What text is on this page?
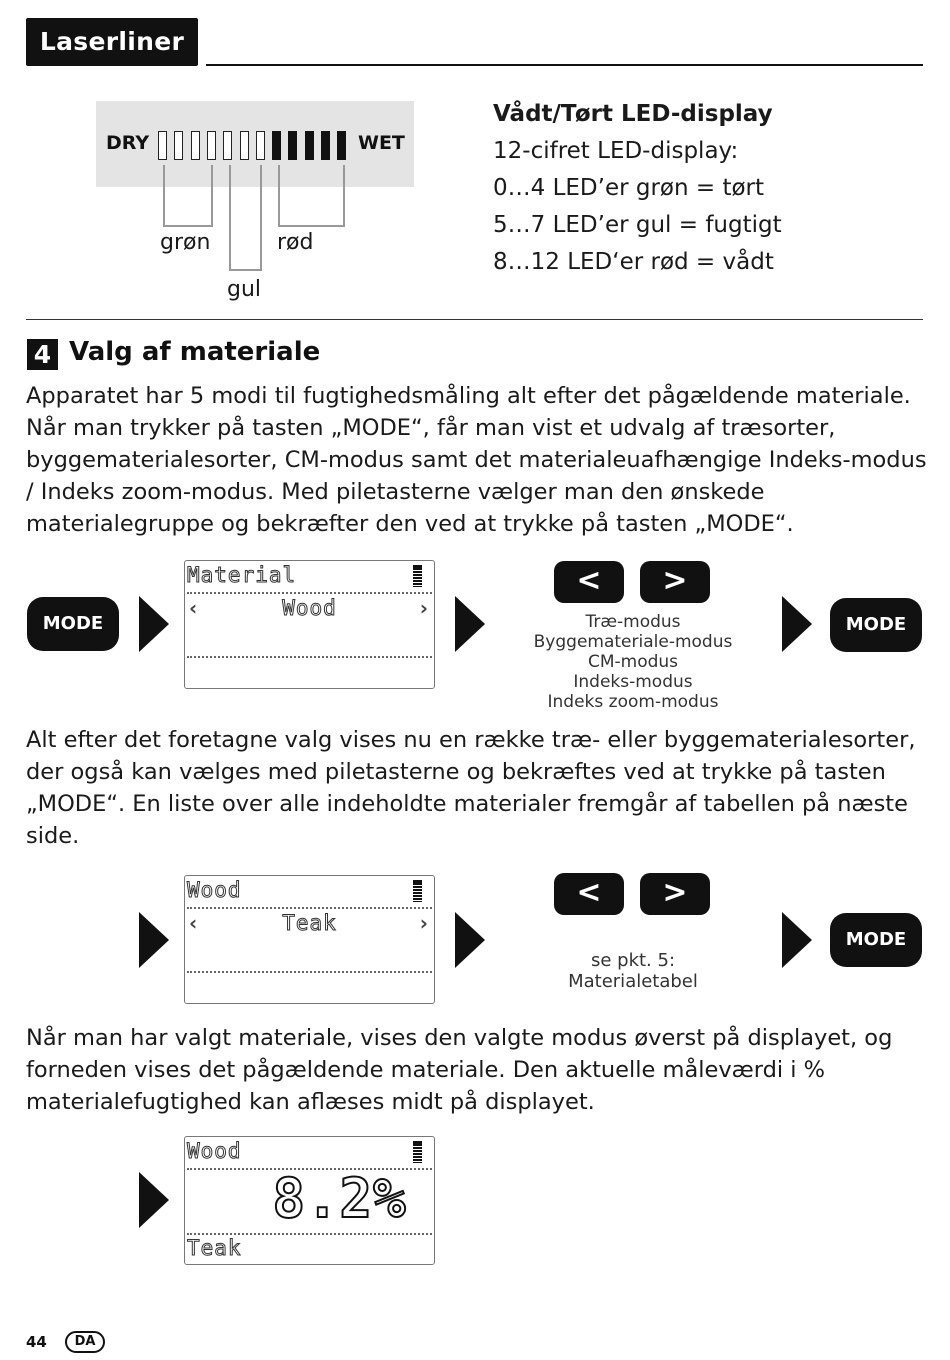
Laserliner
DRY	WET
grøn	rød
gul
Vådt/Tørt LED-display
12-cifret LED-display:
0…4 LED’er grøn = tørt
5…7 LED’er gul = fugtigt
8…12 LED‘er rød = vådt
4 Valg af materiale

Apparatet har 5 modi til fugtighedsmåling alt efter det pågældende materiale. Når man trykker på tasten „MODE“, får man vist et udvalg af træsorter, byggematerialesorter, CM-modus samt det materialeuafhængige Indeks-modus / Indeks zoom-modus. Med piletasterne vælger man den ønskede materialegruppe og bekræfter den ved at trykke på tasten „MODE“.

MODE
Material
‹	Wood	›
<	>
Træ-modus
Byggemateriale-modus
CM-modus
Indeks-modus
Indeks zoom-modus
MODE

Alt efter det foretagne valg vises nu en række træ- eller byggematerialesorter, der også kan vælges med piletasterne og bekræftes ved at trykke på tasten „MODE“. En liste over alle indeholdte materialer fremgår af tabellen på næste side.

Wood
‹	Teak	›
<	>
se pkt. 5:
Materialetabel
MODE

Når man har valgt materiale, vises den valgte modus øverst på displayet, og forneden vises det pågældende materiale. Den aktuelle måleværdi i % materialefugtighed kan aflæses midt på displayet.

Wood
8.2%
Teak
44	DA
